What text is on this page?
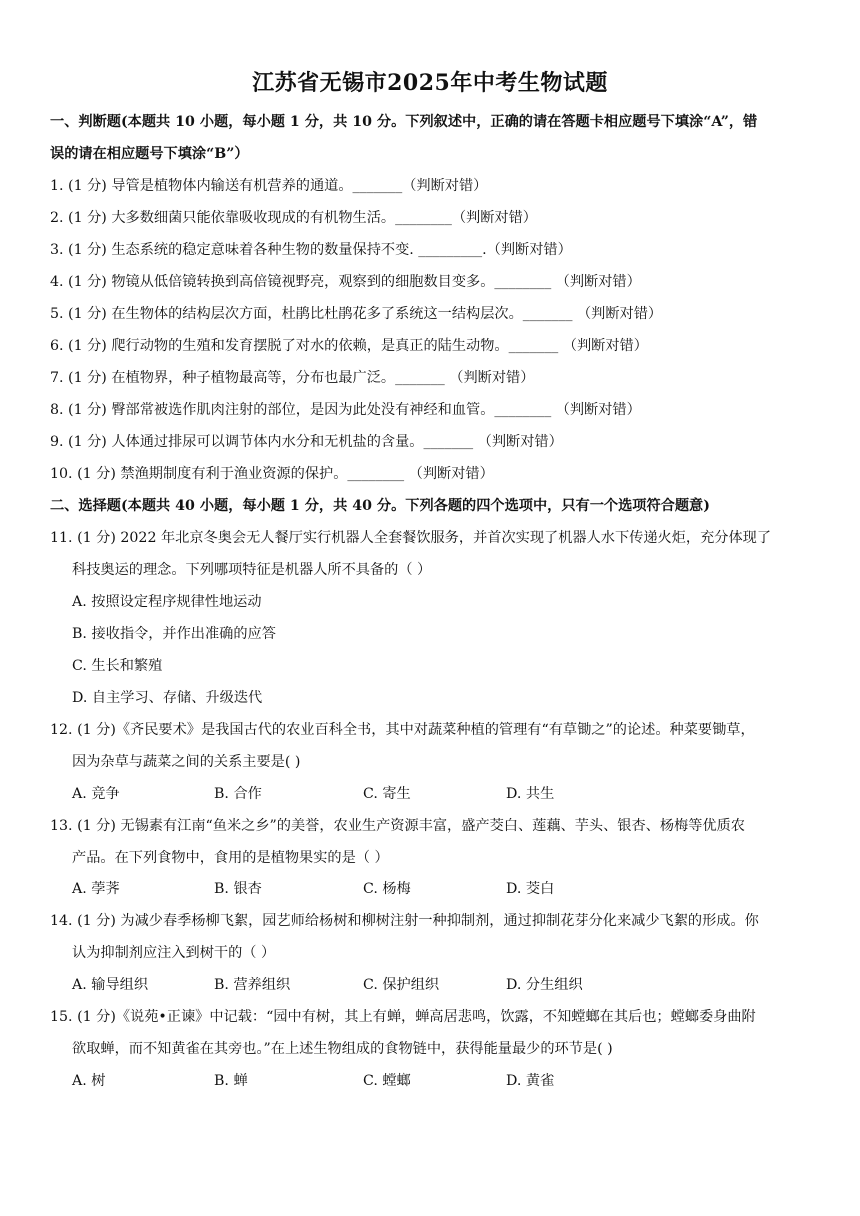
江苏省无锡市2025年中考生物试题
一、判断题(本题共 10 小题，每小题 1 分，共 10 分。下列叙述中，正确的请在答题卡相应题号下填涂“A”，错
误的请在相应题号下填涂“B”）
1. (1 分) 导管是植物体内输送有机营养的通道。_______（判断对错）
2. (1 分) 大多数细菌只能依靠吸收现成的有机物生活。________（判断对错）
3. (1 分) 生态系统的稳定意味着各种生物的数量保持不变. _________.（判断对错）
4. (1 分) 物镜从低倍镜转换到高倍镜视野亮，观察到的细胞数目变多。________ （判断对错）
5. (1 分) 在生物体的结构层次方面，杜鹃比杜鹃花多了系统这一结构层次。_______ （判断对错）
6. (1 分) 爬行动物的生殖和发育摆脱了对水的依赖，是真正的陆生动物。_______ （判断对错）
7. (1 分) 在植物界，种子植物最高等，分布也最广泛。_______ （判断对错）
8. (1 分) 臀部常被选作肌肉注射的部位，是因为此处没有神经和血管。________ （判断对错）
9. (1 分) 人体通过排尿可以调节体内水分和无机盐的含量。_______ （判断对错）
10. (1 分) 禁渔期制度有利于渔业资源的保护。________ （判断对错）
二、选择题(本题共 40 小题，每小题 1 分，共 40 分。下列各题的四个选项中，只有一个选项符合题意)
11. (1 分) 2022 年北京冬奥会无人餐厅实行机器人全套餐饮服务，并首次实现了机器人水下传递火炬，充分体现了
科技奥运的理念。下列哪项特征是机器人所不具备的（ ）
A. 按照设定程序规律性地运动
B. 接收指令，并作出准确的应答
C. 生长和繁殖
D. 自主学习、存储、升级迭代
12. (1 分)《齐民要术》是我国古代的农业百科全书，其中对蔬菜种植的管理有“有草锄之”的论述。种菜要锄草，
因为杂草与蔬菜之间的关系主要是( )
A. 竞争	B. 合作	C. 寄生	D. 共生
13. (1 分) 无锡素有江南“鱼米之乡”的美誉，农业生产资源丰富，盛产茭白、莲藕、芋头、银杏、杨梅等优质农
产品。在下列食物中，食用的是植物果实的是（ ）
A. 荸荠	B. 银杏	C. 杨梅	D. 茭白
14. (1 分) 为减少春季杨柳飞絮，园艺师给杨树和柳树注射一种抑制剂，通过抑制花芽分化来减少飞絮的形成。你
认为抑制剂应注入到树干的（ ）
A. 输导组织	B. 营养组织	C. 保护组织	D. 分生组织
15. (1 分)《说苑•正谏》中记载：“园中有树，其上有蝉，蝉高居悲鸣，饮露，不知螳螂在其后也；螳螂委身曲附
欲取蝉，而不知黄雀在其旁也。”在上述生物组成的食物链中，获得能量最少的环节是( )
A. 树	B. 蝉	C. 螳螂	D. 黄雀
